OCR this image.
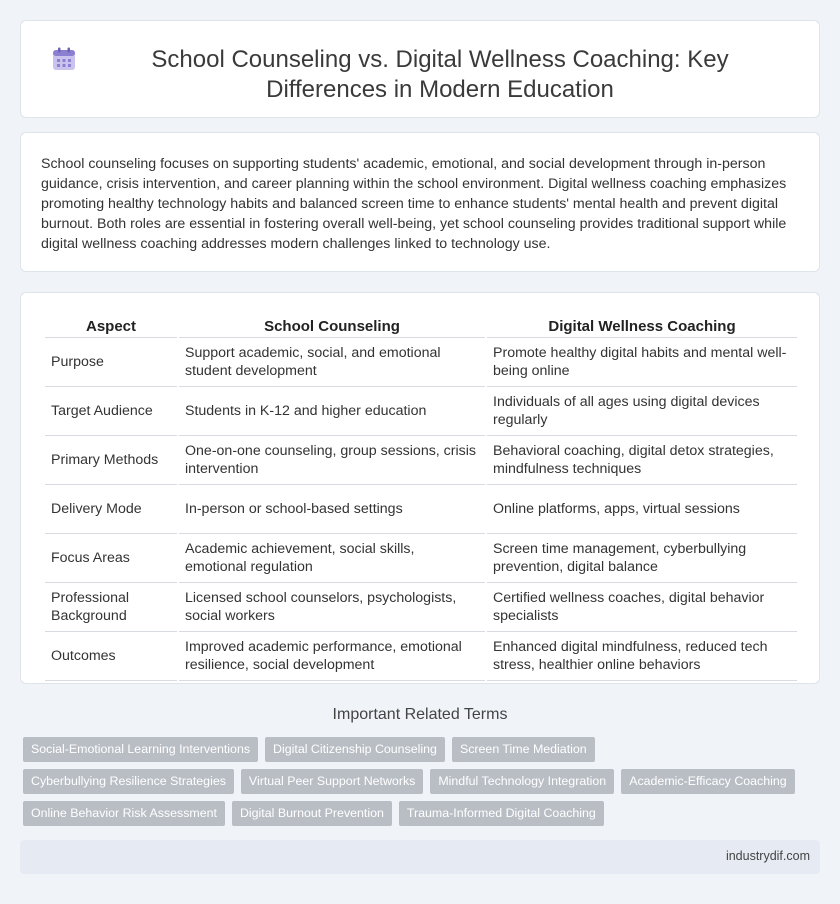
School Counseling vs. Digital Wellness Coaching: Key Differences in Modern Education

School counseling focuses on supporting students' academic, emotional, and social development through in-person guidance, crisis intervention, and career planning within the school environment. Digital wellness coaching emphasizes promoting healthy technology habits and balanced screen time to enhance students' mental health and prevent digital burnout. Both roles are essential in fostering overall well-being, yet school counseling provides traditional support while digital wellness coaching addresses modern challenges linked to technology use.

Aspect	School Counseling	Digital Wellness Coaching
Purpose	Support academic, social, and emotional student development	Promote healthy digital habits and mental well-being online
Target Audience	Students in K-12 and higher education	Individuals of all ages using digital devices regularly
Primary Methods	One-on-one counseling, group sessions, crisis intervention	Behavioral coaching, digital detox strategies, mindfulness techniques
Delivery Mode	In-person or school-based settings	Online platforms, apps, virtual sessions
Focus Areas	Academic achievement, social skills, emotional regulation	Screen time management, cyberbullying prevention, digital balance
Professional Background	Licensed school counselors, psychologists, social workers	Certified wellness coaches, digital behavior specialists
Outcomes	Improved academic performance, emotional resilience, social development	Enhanced digital mindfulness, reduced tech stress, healthier online behaviors
Important Related Terms
Social-Emotional Learning Interventions	Digital Citizenship Counseling	Screen Time Mediation
Cyberbullying Resilience Strategies	Virtual Peer Support Networks	Mindful Technology Integration	Academic-Efficacy Coaching
Online Behavior Risk Assessment	Digital Burnout Prevention	Trauma-Informed Digital Coaching
industrydif.com
